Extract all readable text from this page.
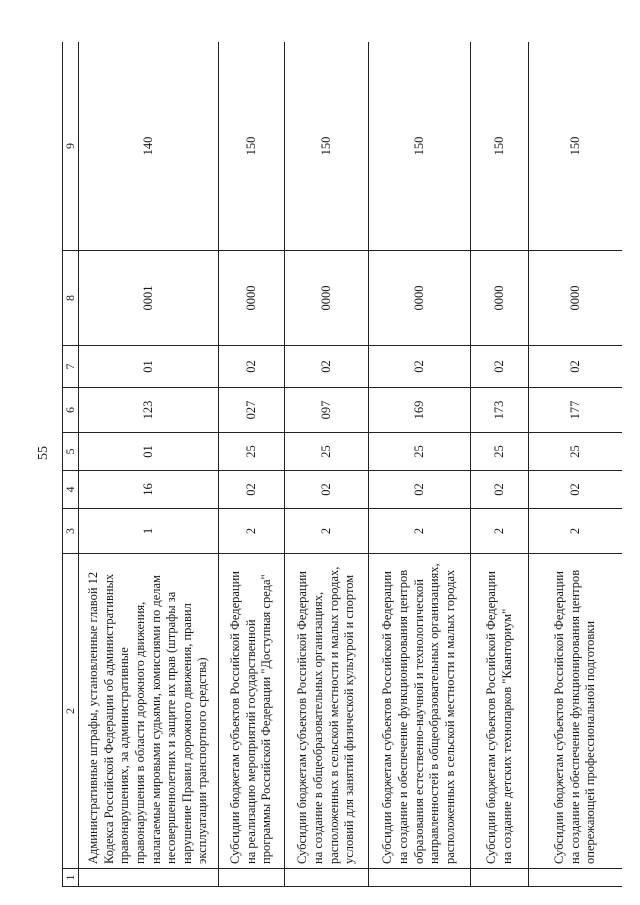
55
1	2	3	4	5	6	7	8	9
	Административные штрафы, установленные главой 12 Кодекса Российской Федерации об административных правонарушениях, за административные правонарушения в области дорожного движения, налагаемые мировыми судьями, комиссиями по делам несовершеннолетних и защите их прав (штрафы за нарушение Правил дорожного движения, правил эксплуатации транспортного средства)	1	16	01	123	01	0001	140
	Субсидии бюджетам субъектов Российской Федерации на реализацию мероприятий государственной программы Российской Федерации "Доступная среда"	2	02	25	027	02	0000	150
	Субсидии бюджетам субъектов Российской Федерации на создание в общеобразовательных организациях, расположенных в сельской местности и малых городах, условий для занятий физической культурой и спортом	2	02	25	097	02	0000	150
	Субсидии бюджетам субъектов Российской Федерации на создание и обеспечение функционирования центров образования естественно-научной и технологической направленностей в общеобразовательных организациях, расположенных в сельской местности и малых городах	2	02	25	169	02	0000	150
	Субсидии бюджетам субъектов Российской Федерации на создание детских технопарков "Кванториум"	2	02	25	173	02	0000	150
	Субсидии бюджетам субъектов Российской Федерации на создание и обеспечение функционирования центров опережающей профессиональной подготовки	2	02	25	177	02	0000	150
